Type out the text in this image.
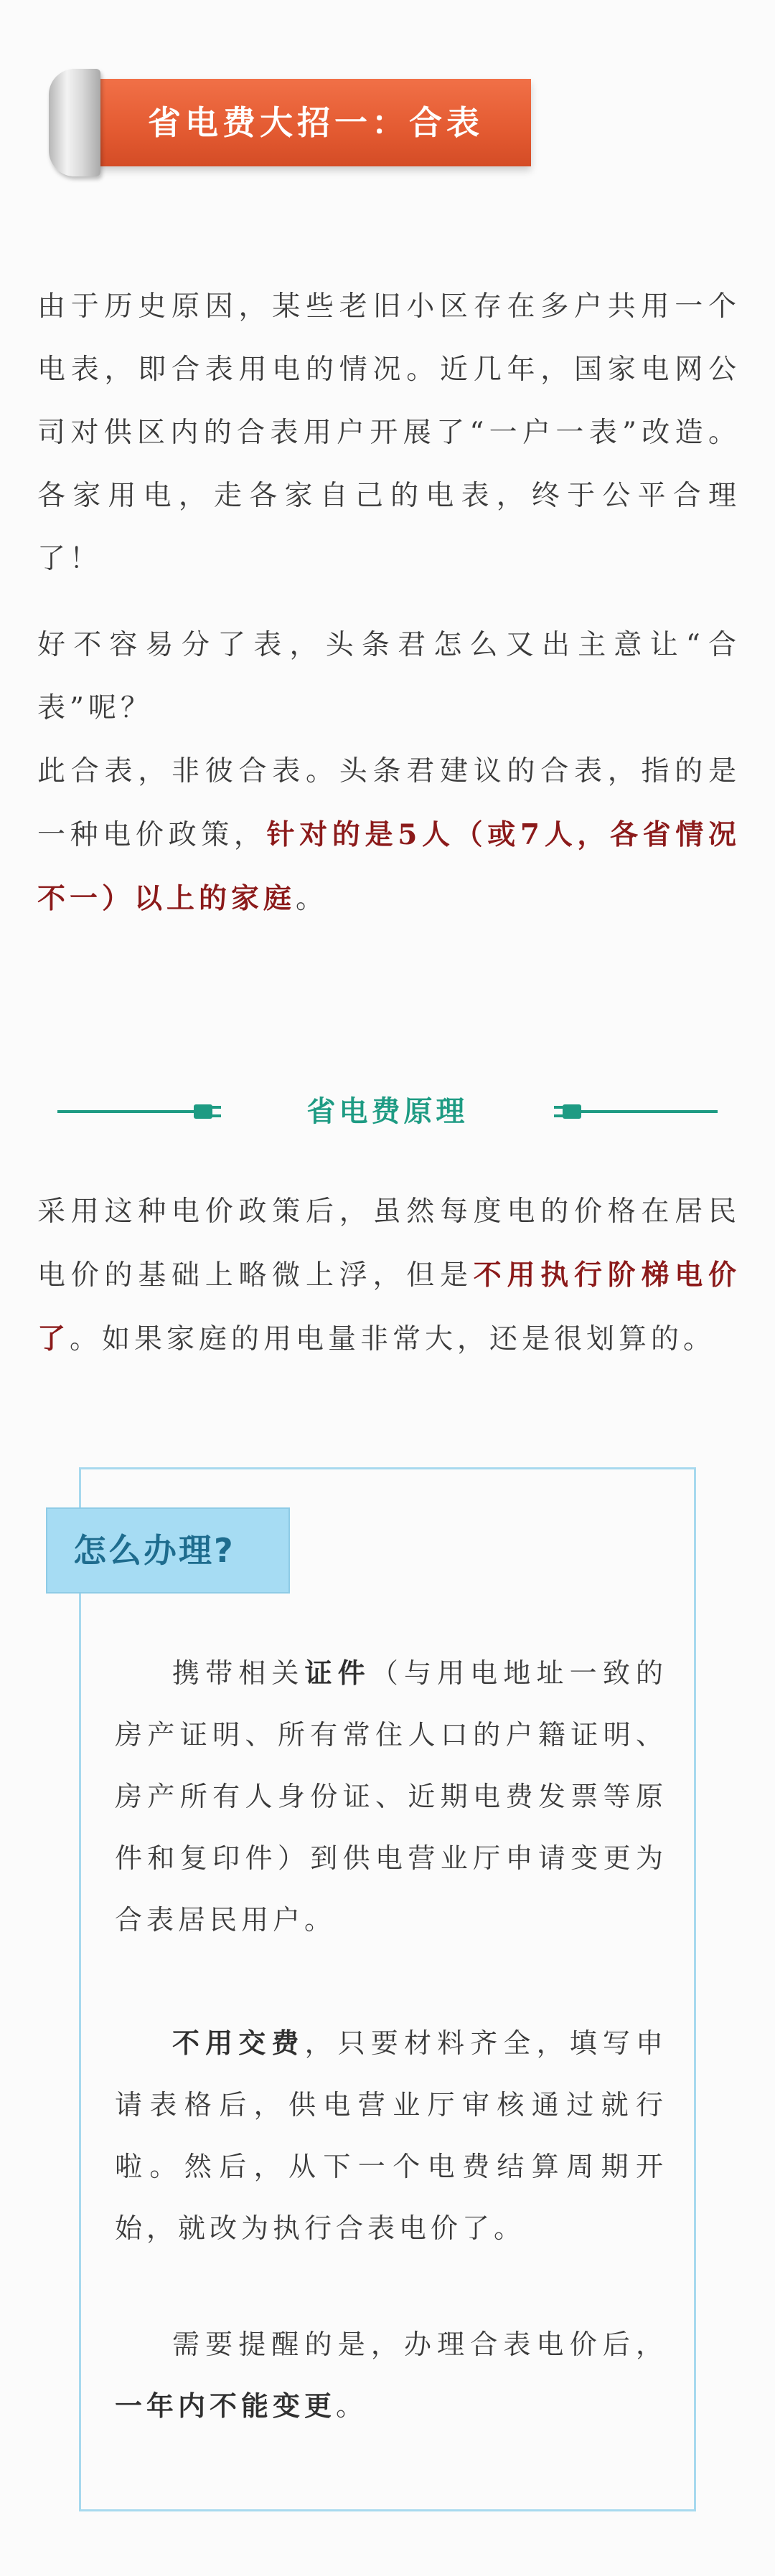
省电费大招一：合表
由于历史原因，某些老旧小区存在多户共用一个电表，即合表用电的情况。近几年，国家电网公司对供区内的合表用户开展了“一户一表”改造。各家用电，走各家自己的电表，终于公平合理了！
好不容易分了表，头条君怎么又出主意让“合表”呢？
此合表，非彼合表。头条君建议的合表，指的是一种电价政策，针对的是5人（或7人，各省情况不一）以上的家庭。
省电费原理
采用这种电价政策后，虽然每度电的价格在居民电价的基础上略微上浮，但是不用执行阶梯电价了。如果家庭的用电量非常大，还是很划算的。
怎么办理?
携带相关证件（与用电地址一致的房产证明、所有常住人口的户籍证明、房产所有人身份证、近期电费发票等原件和复印件）到供电营业厅申请变更为合表居民用户。
不用交费，只要材料齐全，填写申请表格后，供电营业厅审核通过就行啦。然后，从下一个电费结算周期开始，就改为执行合表电价了。
需要提醒的是，办理合表电价后，一年内不能变更。
